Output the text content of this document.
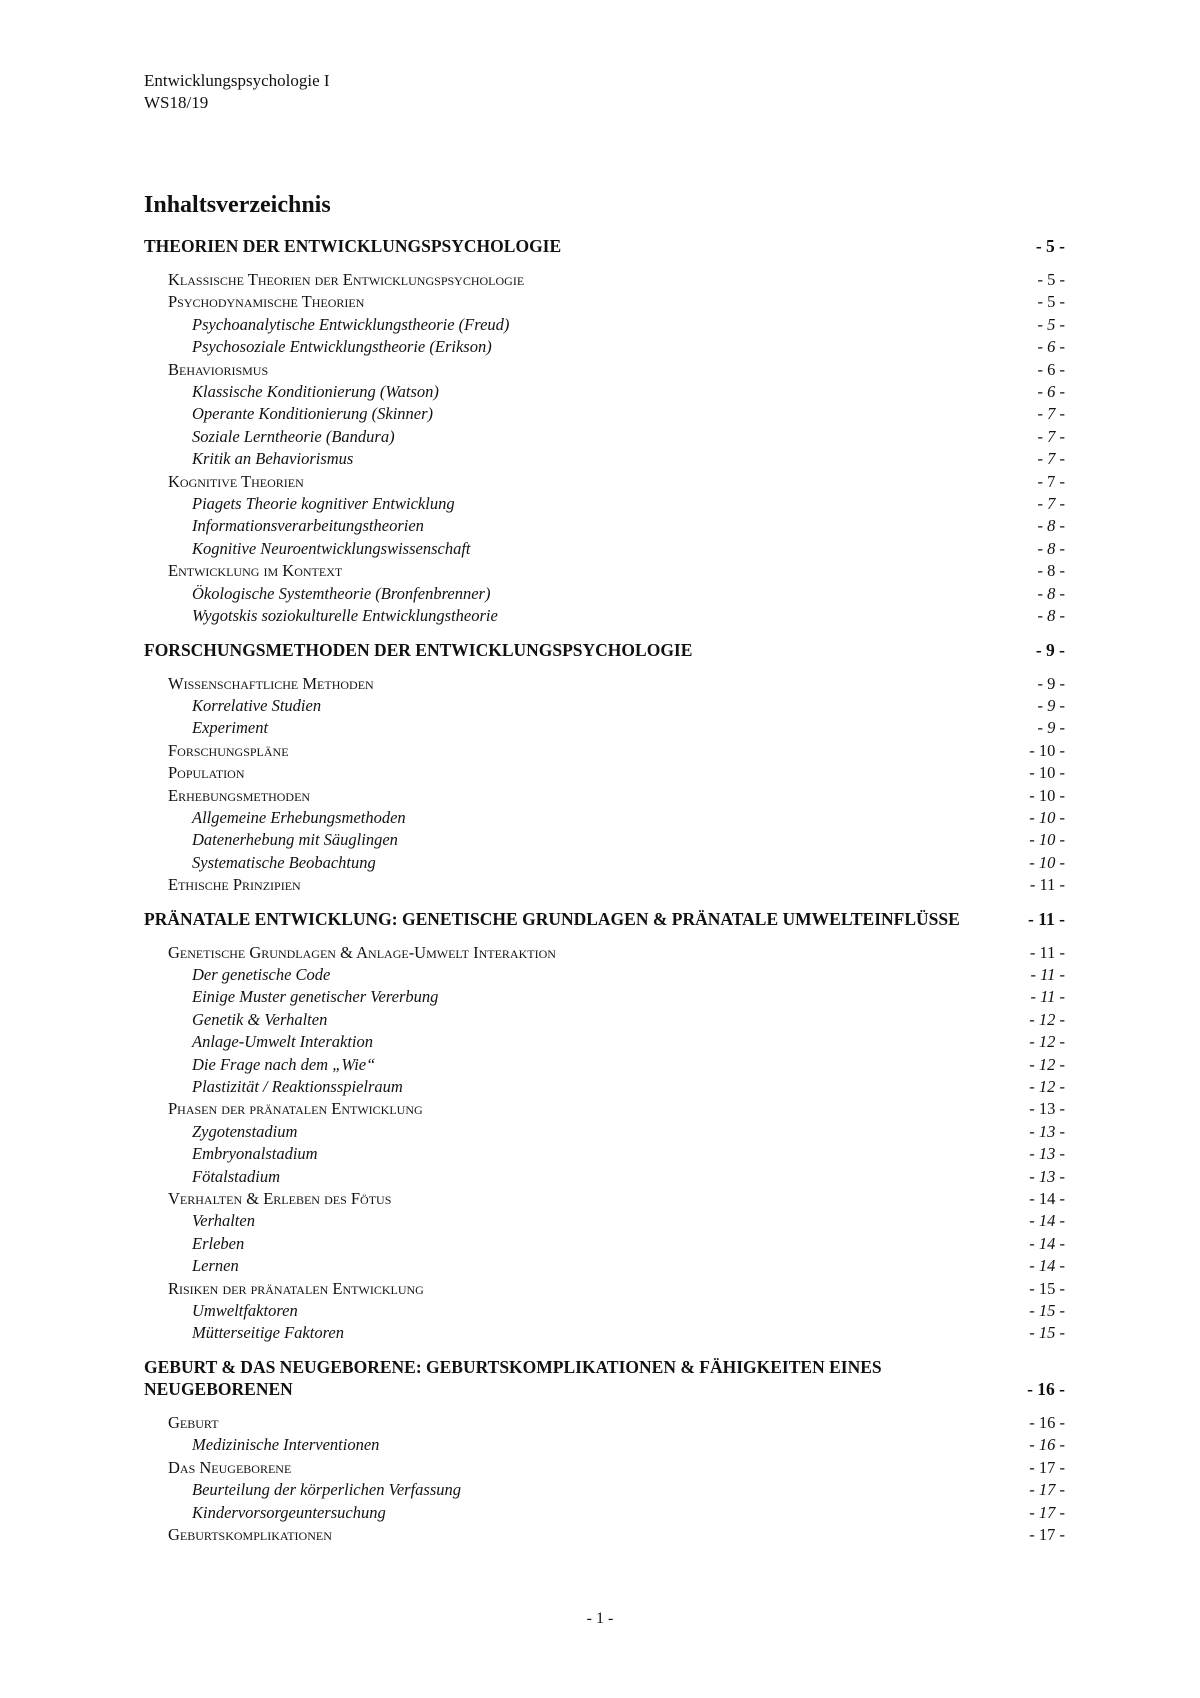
Entwicklungspsychologie I
WS18/19
Inhaltsverzeichnis
THEORIEN DER ENTWICKLUNGSPSYCHOLOGIE	- 5 -
Klassische Theorien der Entwicklungspsychologie	- 5 -
Psychodynamische Theorien	- 5 -
Psychoanalytische Entwicklungstheorie (Freud)	- 5 -
Psychosoziale Entwicklungstheorie (Erikson)	- 6 -
Behaviorismus	- 6 -
Klassische Konditionierung (Watson)	- 6 -
Operante Konditionierung (Skinner)	- 7 -
Soziale Lerntheorie (Bandura)	- 7 -
Kritik an Behaviorismus	- 7 -
Kognitive Theorien	- 7 -
Piagets Theorie kognitiver Entwicklung	- 7 -
Informationsverarbeitungstheorien	- 8 -
Kognitive Neuroentwicklungswissenschaft	- 8 -
Entwicklung im Kontext	- 8 -
Ökologische Systemtheorie (Bronfenbrenner)	- 8 -
Wygotskis soziokulturelle Entwicklungstheorie	- 8 -
FORSCHUNGSMETHODEN DER ENTWICKLUNGSPSYCHOLOGIE	- 9 -
Wissenschaftliche Methoden	- 9 -
Korrelative Studien	- 9 -
Experiment	- 9 -
Forschungspläne	- 10 -
Population	- 10 -
Erhebungsmethoden	- 10 -
Allgemeine Erhebungsmethoden	- 10 -
Datenerhebung mit Säuglingen	- 10 -
Systematische Beobachtung	- 10 -
Ethische Prinzipien	- 11 -
PRÄNATALE ENTWICKLUNG: GENETISCHE GRUNDLAGEN & PRÄNATALE UMWELTEINFLÜSSE	- 11 -
Genetische Grundlagen & Anlage-Umwelt Interaktion	- 11 -
Der genetische Code	- 11 -
Einige Muster genetischer Vererbung	- 11 -
Genetik & Verhalten	- 12 -
Anlage-Umwelt Interaktion	- 12 -
Die Frage nach dem „Wie“	- 12 -
Plastizität / Reaktionsspielraum	- 12 -
Phasen der pränatalen Entwicklung	- 13 -
Zygotenstadium	- 13 -
Embryonalstadium	- 13 -
Fötalstadium	- 13 -
Verhalten & Erleben des Fötus	- 14 -
Verhalten	- 14 -
Erleben	- 14 -
Lernen	- 14 -
Risiken der pränatalen Entwicklung	- 15 -
Umweltfaktoren	- 15 -
Mütterseitige Faktoren	- 15 -
GEBURT & DAS NEUGEBORENE: GEBURTSKOMPLIKATIONEN & FÄHIGKEITEN EINES NEUGEBORENEN	- 16 -
Geburt	- 16 -
Medizinische Interventionen	- 16 -
Das Neugeborene	- 17 -
Beurteilung der körperlichen Verfassung	- 17 -
Kindervorsorgeuntersuchung	- 17 -
Geburtskomplikationen	- 17 -
- 1 -
